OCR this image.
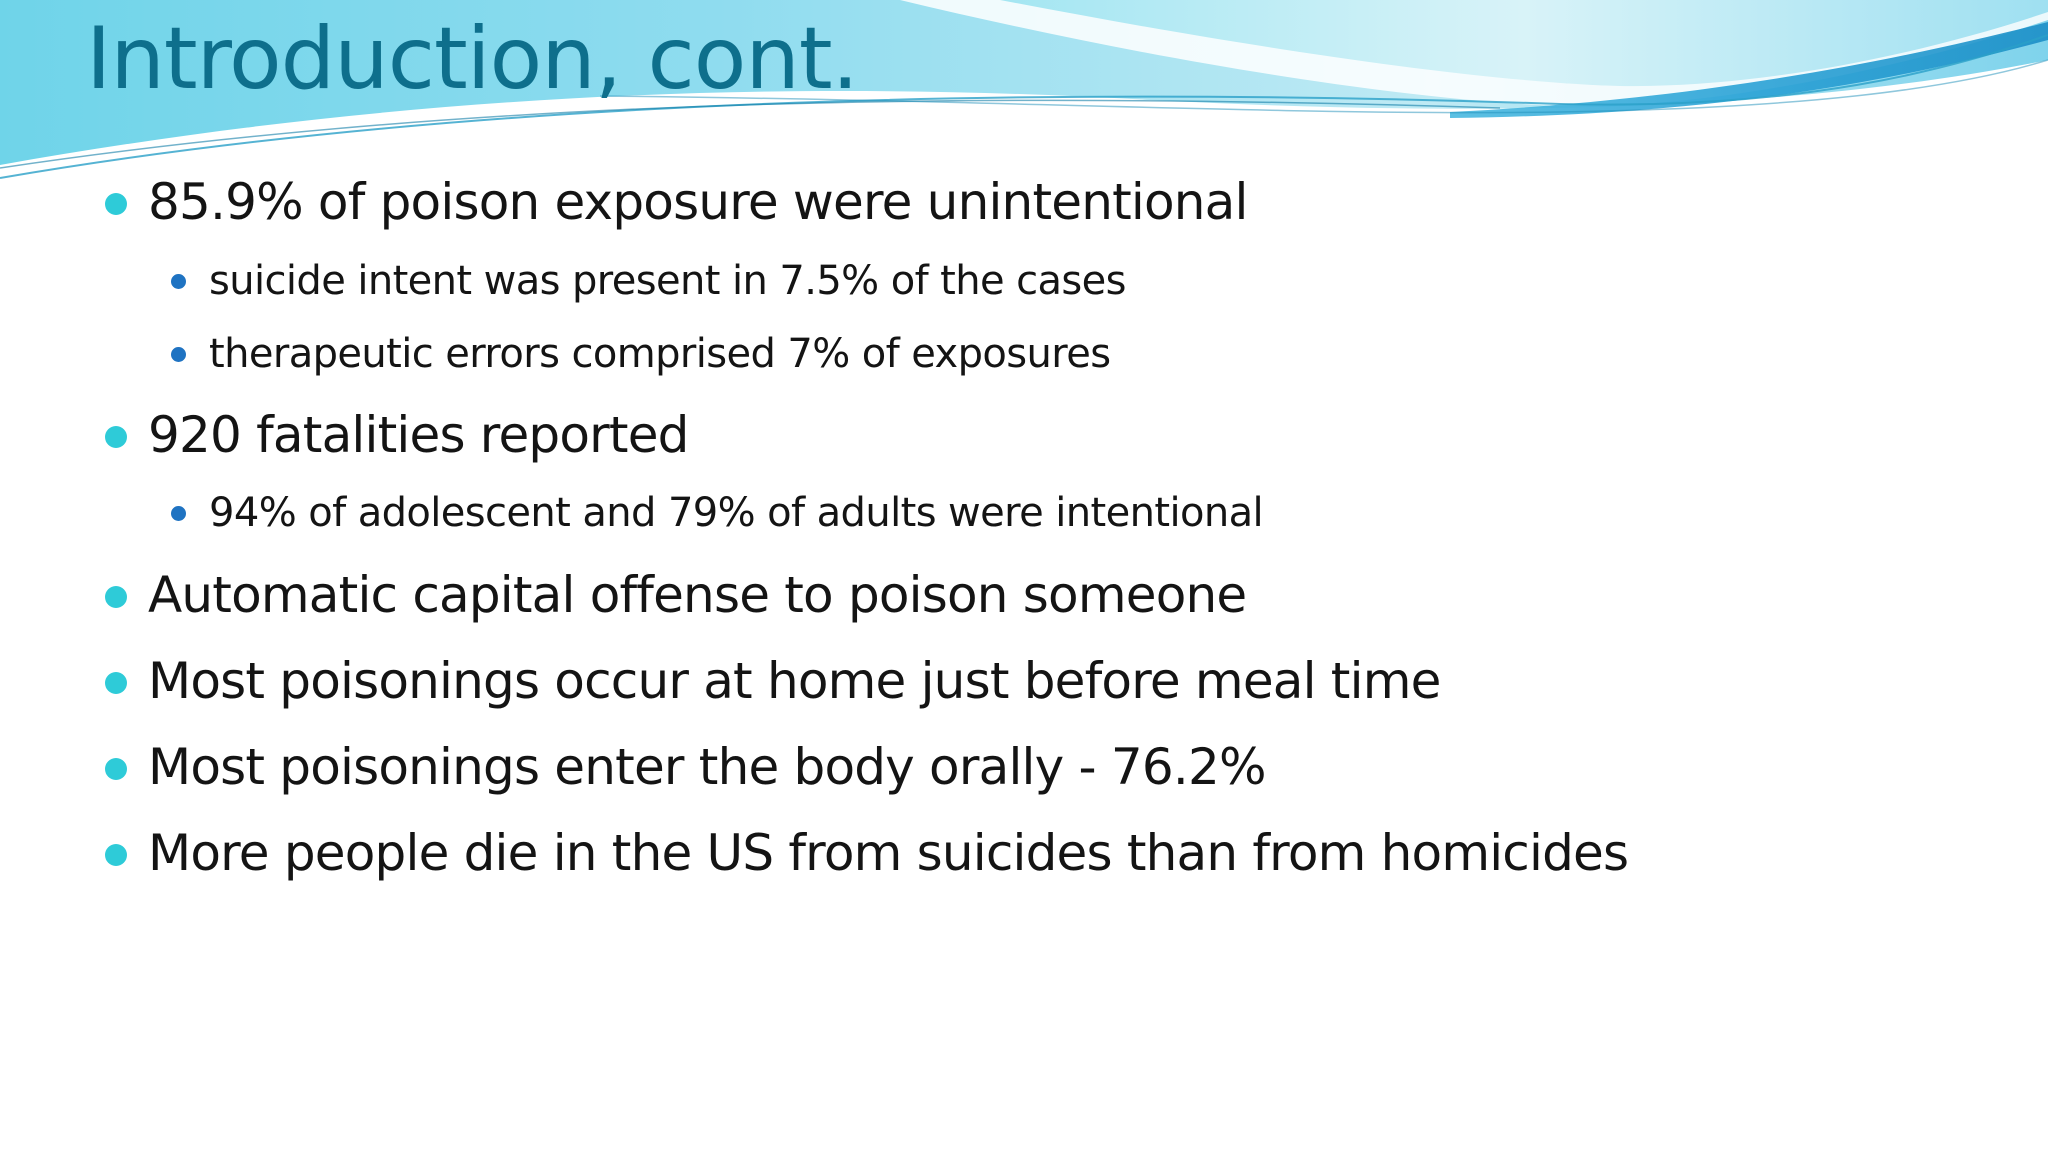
Introduction, cont.
85.9% of poison exposure were unintentional
suicide intent was present in 7.5% of the cases
therapeutic errors comprised 7% of exposures
920 fatalities reported
94% of adolescent and 79% of adults were intentional
Automatic capital offense to poison someone
Most poisonings occur at home just before meal time
Most poisonings enter the body orally - 76.2%
More people die in the US from suicides than from homicides
